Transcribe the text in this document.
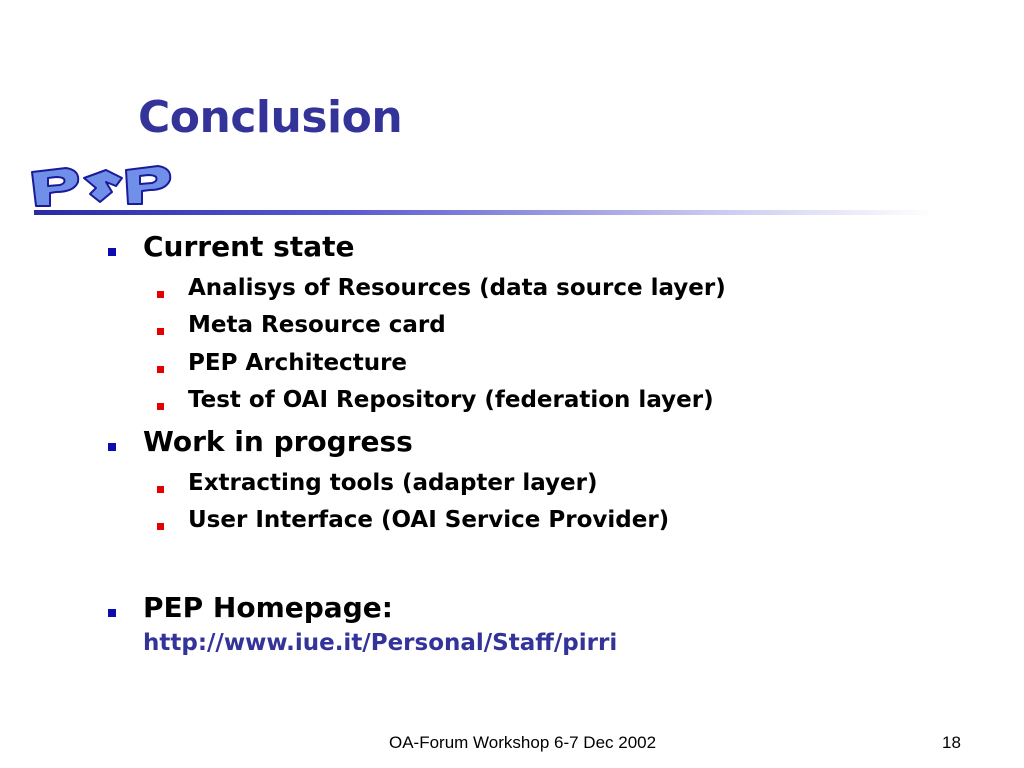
Conclusion
Current state
Analisys of Resources (data source layer)
Meta Resource card
PEP Architecture
Test of OAI Repository (federation layer)
Work in progress
Extracting tools (adapter layer)
User Interface (OAI Service Provider)
PEP Homepage:
http://www.iue.it/Personal/Staff/pirri
OA-Forum Workshop 6-7 Dec 2002	18
